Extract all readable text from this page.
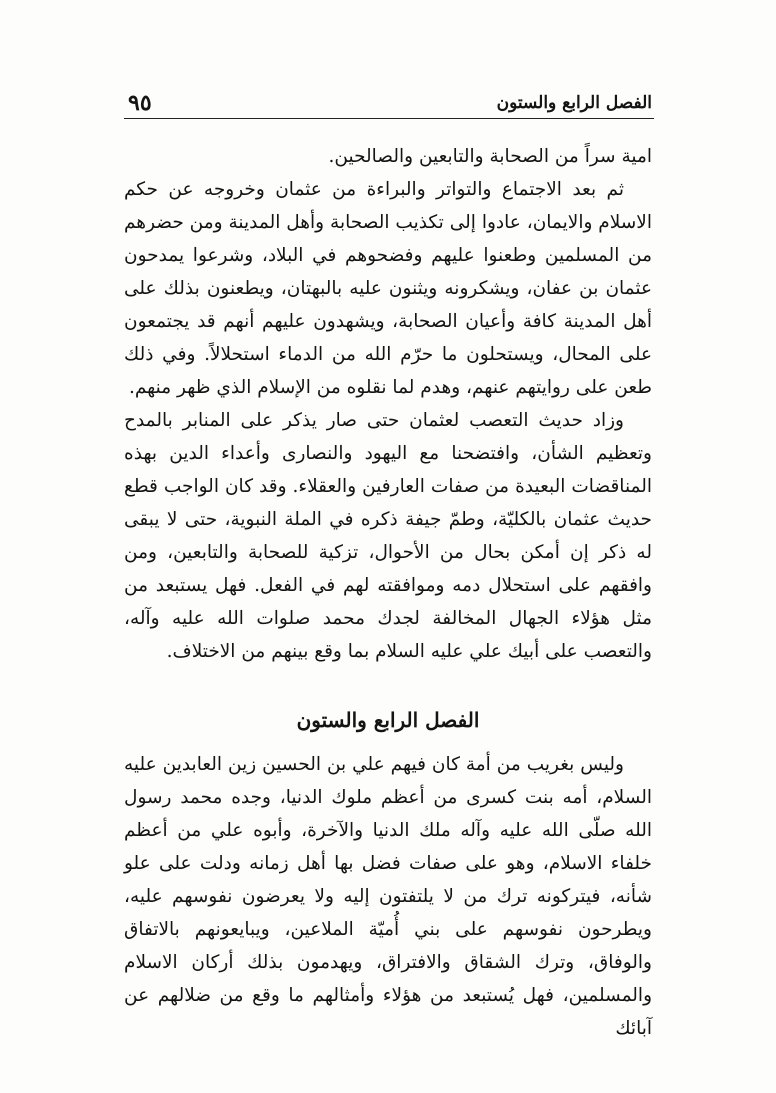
٩٥	الفصل الرابع والستون

امية سراً من الصحابة والتابعين والصالحين.

ثم بعد الاجتماع والتواتر والبراءة من عثمان وخروجه عن حكم الاسلام والايمان، عادوا إلى تكذيب الصحابة وأهل المدينة ومن حضرهم من المسلمين وطعنوا عليهم وفضحوهم في البلاد، وشرعوا يمدحون عثمان بن عفان، ويشكرونه ويثنون عليه بالبهتان، ويطعنون بذلك على أهل المدينة كافة وأعيان الصحابة، ويشهدون عليهم أنهم قد يجتمعون على المحال، ويستحلون ما حرّم الله من الدماء استحلالاً. وفي ذلك طعن على روايتهم عنهم، وهدم لما نقلوه من الإسلام الذي ظهر منهم.

وزاد حديث التعصب لعثمان حتى صار يذكر على المنابر بالمدح وتعظيم الشأن، وافتضحنا مع اليهود والنصارى وأعداء الدين بهذه المناقضات البعيدة من صفات العارفين والعقلاء. وقد كان الواجب قطع حديث عثمان بالكليّة، وطمّ جيفة ذكره في الملة النبوية، حتى لا يبقى له ذكر إن أمكن بحال من الأحوال، تزكية للصحابة والتابعين، ومن وافقهم على استحلال دمه وموافقته لهم في الفعل. فهل يستبعد من مثل هؤلاء الجهال المخالفة لجدك محمد صلوات الله عليه وآله، والتعصب على أبيك علي عليه السلام بما وقع بينهم من الاختلاف.

الفصل الرابع والستون

وليس بغريب من أمة كان فيهم علي بن الحسين زين العابدين عليه السلام، أمه بنت كسرى من أعظم ملوك الدنيا، وجده محمد رسول الله صلّى الله عليه وآله ملك الدنيا والآخرة، وأبوه علي من أعظم خلفاء الاسلام، وهو على صفات فضل بها أهل زمانه ودلت على علو شأنه، فيتركونه ترك من لا يلتفتون إليه ولا يعرضون نفوسهم عليه، ويطرحون نفوسهم على بني أُميّة الملاعين، ويبايعونهم بالاتفاق والوفاق، وترك الشقاق والافتراق، ويهدمون بذلك أركان الاسلام والمسلمين، فهل يُستبعد من هؤلاء وأمثالهم ما وقع من ضلالهم عن آبائك
